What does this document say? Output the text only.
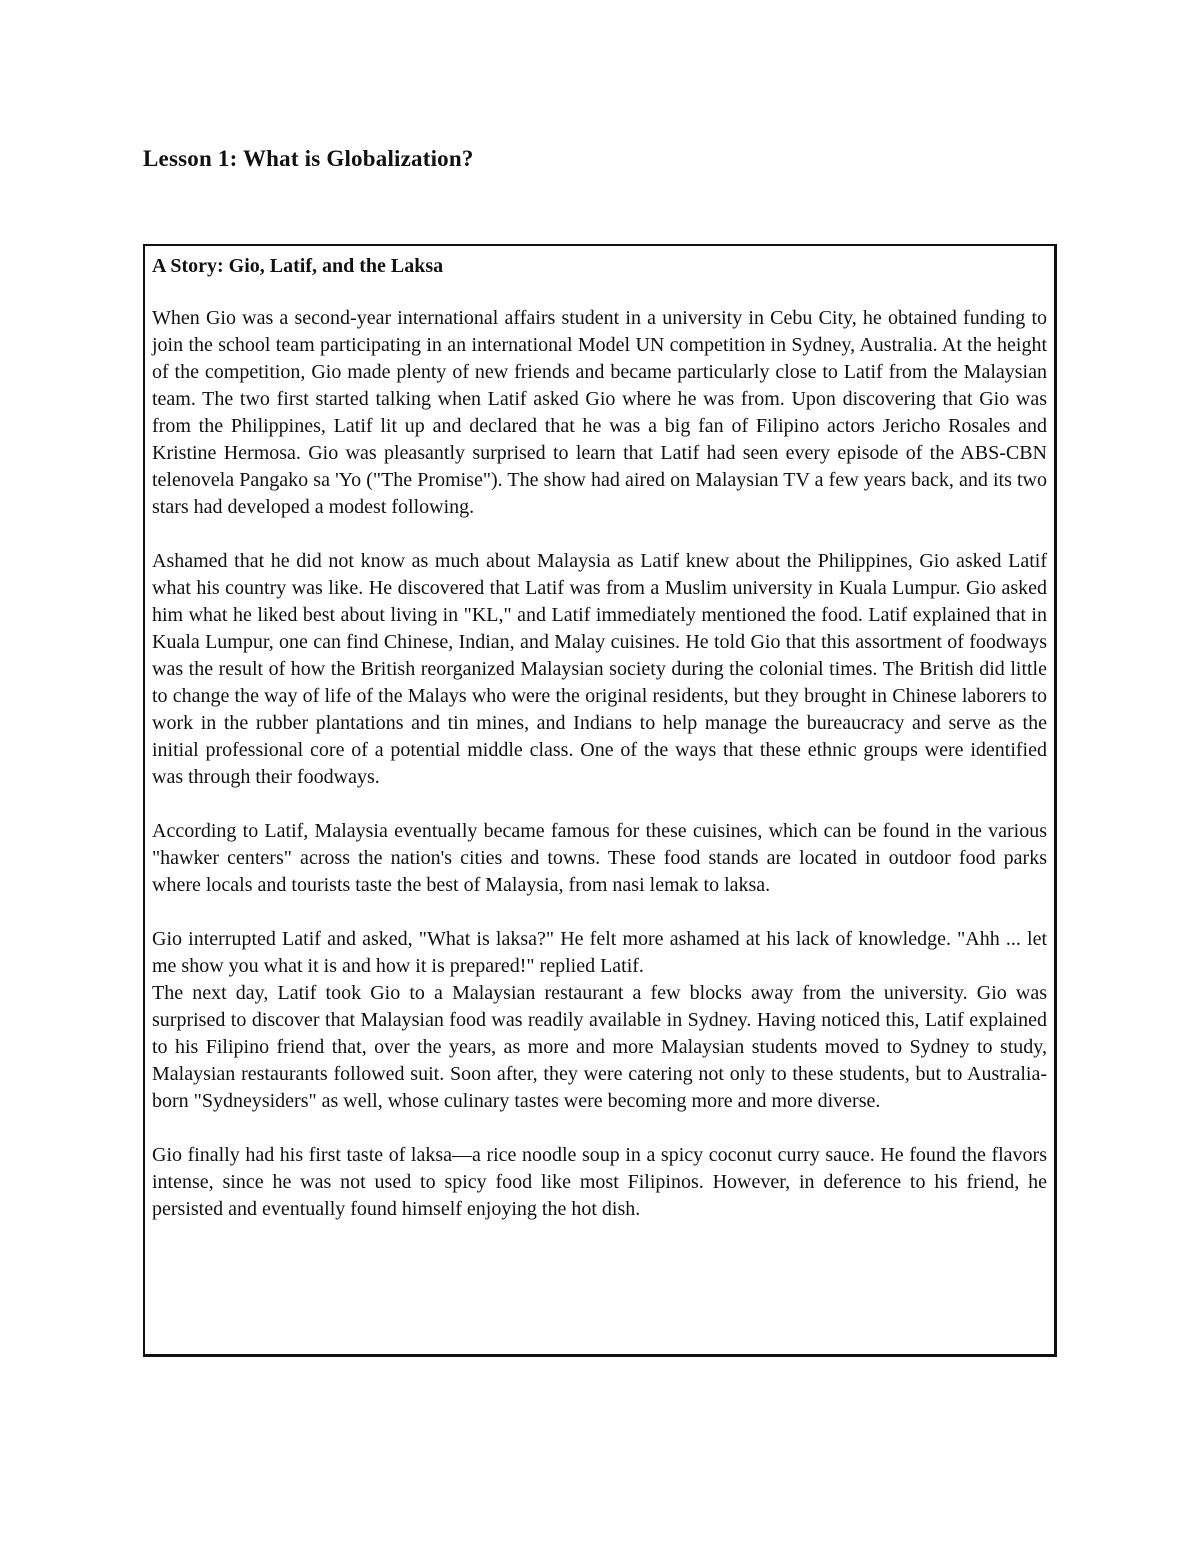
Lesson 1: What is Globalization?
A Story: Gio, Latif, and the Laksa

When Gio was a second-year international affairs student in a university in Cebu City, he obtained funding to join the school team participating in an international Model UN competition in Sydney, Australia. At the height of the competition, Gio made plenty of new friends and became particularly close to Latif from the Malaysian team. The two first started talking when Latif asked Gio where he was from. Upon discovering that Gio was from the Philippines, Latif lit up and declared that he was a big fan of Filipino actors Jericho Rosales and Kristine Hermosa. Gio was pleasantly surprised to learn that Latif had seen every episode of the ABS-CBN telenovela Pangako sa 'Yo ("The Promise"). The show had aired on Malaysian TV a few years back, and its two stars had developed a modest following.

Ashamed that he did not know as much about Malaysia as Latif knew about the Philippines, Gio asked Latif what his country was like. He discovered that Latif was from a Muslim university in Kuala Lumpur. Gio asked him what he liked best about living in "KL," and Latif immediately mentioned the food. Latif explained that in Kuala Lumpur, one can find Chinese, Indian, and Malay cuisines. He told Gio that this assortment of foodways was the result of how the British reorganized Malaysian society during the colonial times. The British did little to change the way of life of the Malays who were the original residents, but they brought in Chinese laborers to work in the rubber plantations and tin mines, and Indians to help manage the bureaucracy and serve as the initial professional core of a potential middle class. One of the ways that these ethnic groups were identified was through their foodways.

According to Latif, Malaysia eventually became famous for these cuisines, which can be found in the various "hawker centers" across the nation's cities and towns. These food stands are located in outdoor food parks where locals and tourists taste the best of Malaysia, from nasi lemak to laksa.

Gio interrupted Latif and asked, "What is laksa?" He felt more ashamed at his lack of knowledge. "Ahh ... let me show you what it is and how it is prepared!" replied Latif.

The next day, Latif took Gio to a Malaysian restaurant a few blocks away from the university. Gio was surprised to discover that Malaysian food was readily available in Sydney. Having noticed this, Latif explained to his Filipino friend that, over the years, as more and more Malaysian students moved to Sydney to study, Malaysian restaurants followed suit. Soon after, they were catering not only to these students, but to Australia-born "Sydneysiders" as well, whose culinary tastes were becoming more and more diverse.

Gio finally had his first taste of laksa—a rice noodle soup in a spicy coconut curry sauce. He found the flavors intense, since he was not used to spicy food like most Filipinos. However, in deference to his friend, he persisted and eventually found himself enjoying the hot dish.
